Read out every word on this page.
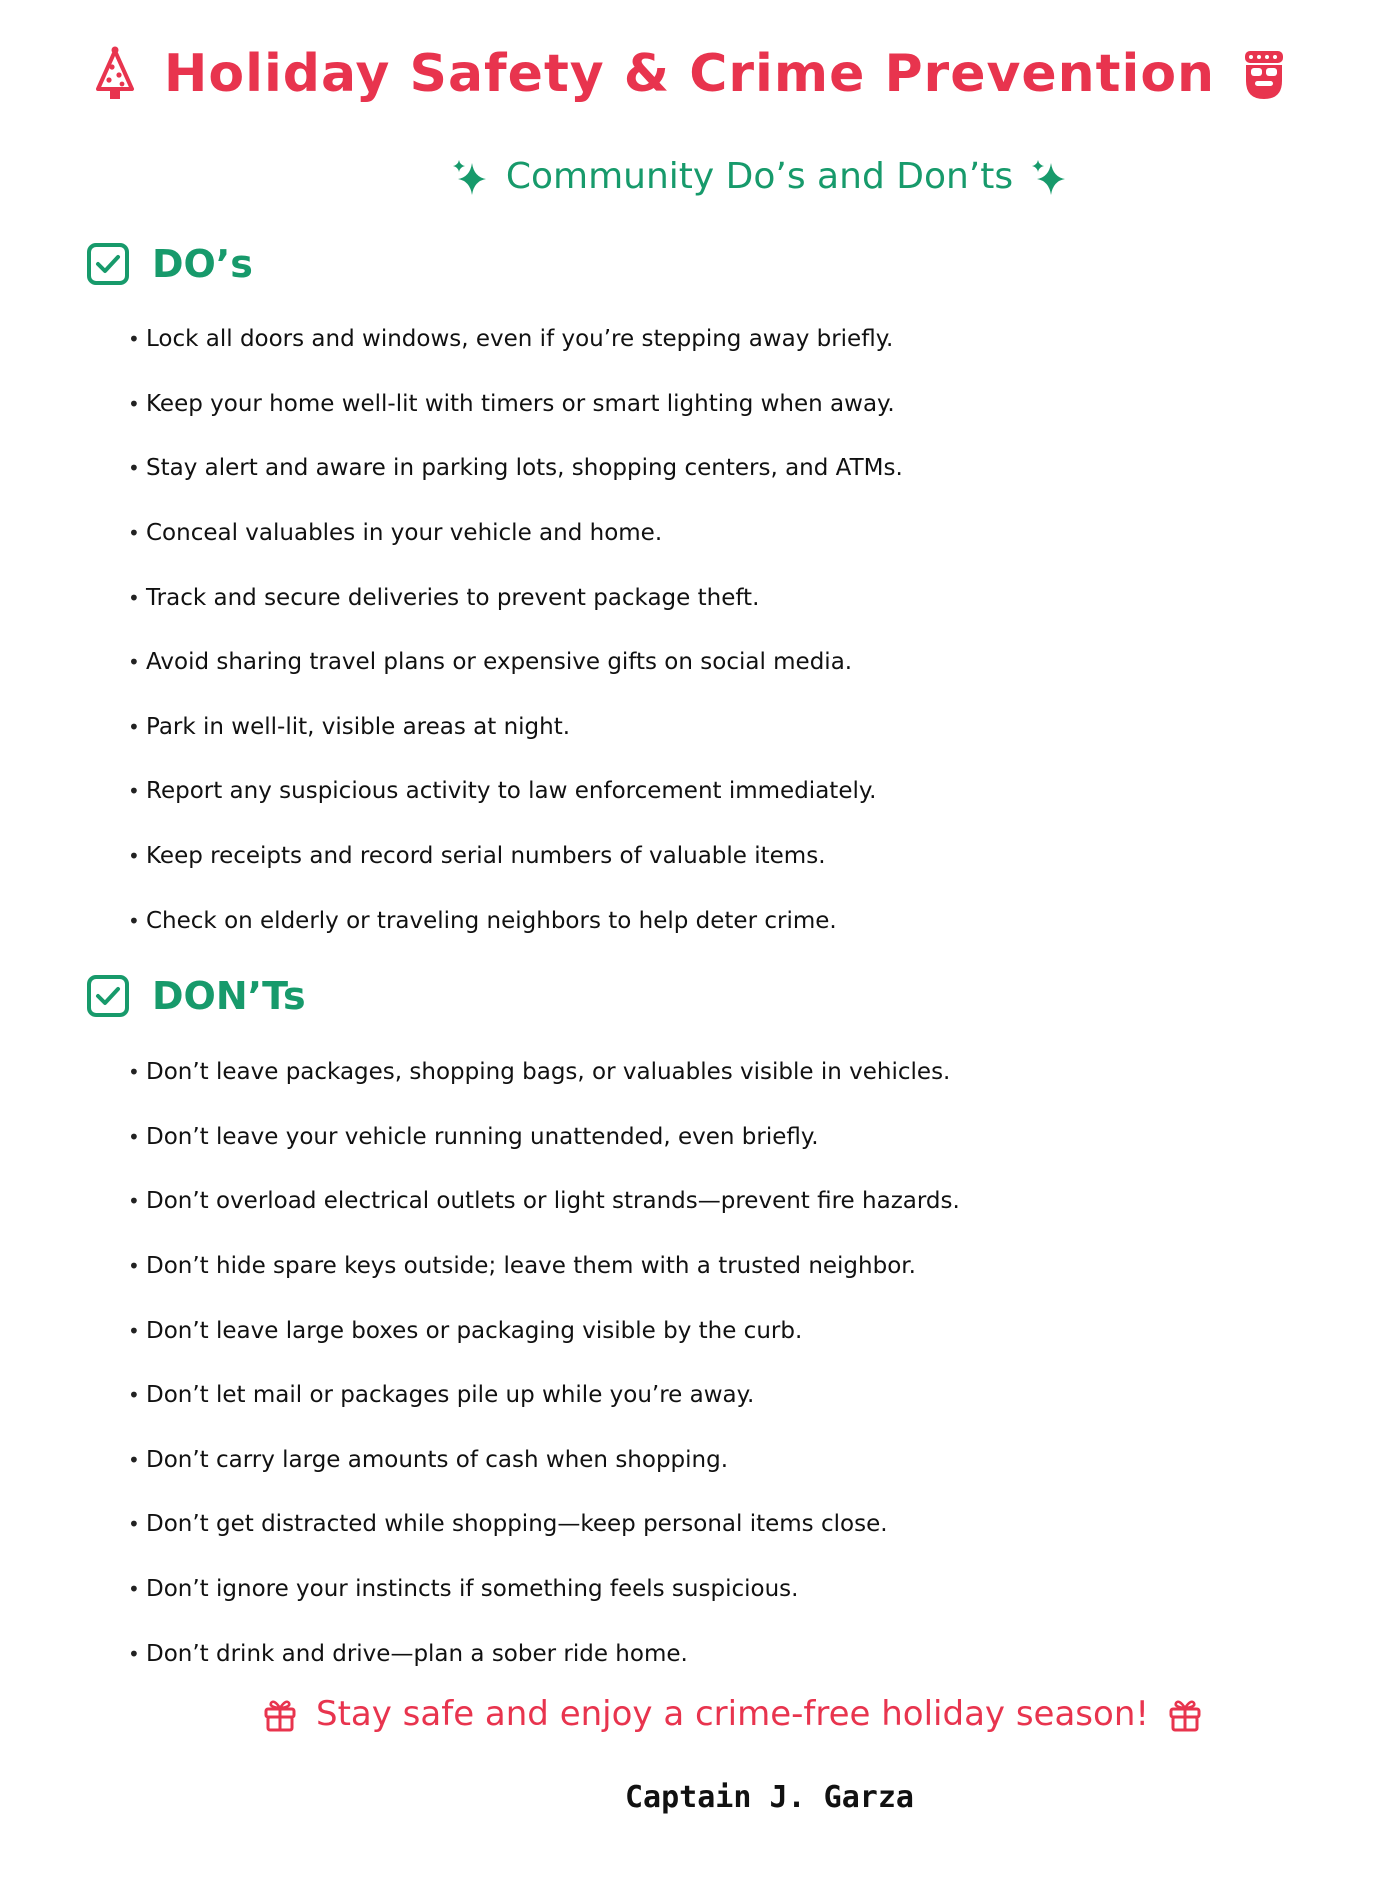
Holiday Safety & Crime Prevention
Community Do’s and Don’ts
DO’s
• Lock all doors and windows, even if you’re stepping away briefly.
• Keep your home well-lit with timers or smart lighting when away.
• Stay alert and aware in parking lots, shopping centers, and ATMs.
• Conceal valuables in your vehicle and home.
• Track and secure deliveries to prevent package theft.
• Avoid sharing travel plans or expensive gifts on social media.
• Park in well-lit, visible areas at night.
• Report any suspicious activity to law enforcement immediately.
• Keep receipts and record serial numbers of valuable items.
• Check on elderly or traveling neighbors to help deter crime.
DON’Ts
• Don’t leave packages, shopping bags, or valuables visible in vehicles.
• Don’t leave your vehicle running unattended, even briefly.
• Don’t overload electrical outlets or light strands—prevent fire hazards.
• Don’t hide spare keys outside; leave them with a trusted neighbor.
• Don’t leave large boxes or packaging visible by the curb.
• Don’t let mail or packages pile up while you’re away.
• Don’t carry large amounts of cash when shopping.
• Don’t get distracted while shopping—keep personal items close.
• Don’t ignore your instincts if something feels suspicious.
• Don’t drink and drive—plan a sober ride home.
Stay safe and enjoy a crime-free holiday season!
Captain J. Garza
